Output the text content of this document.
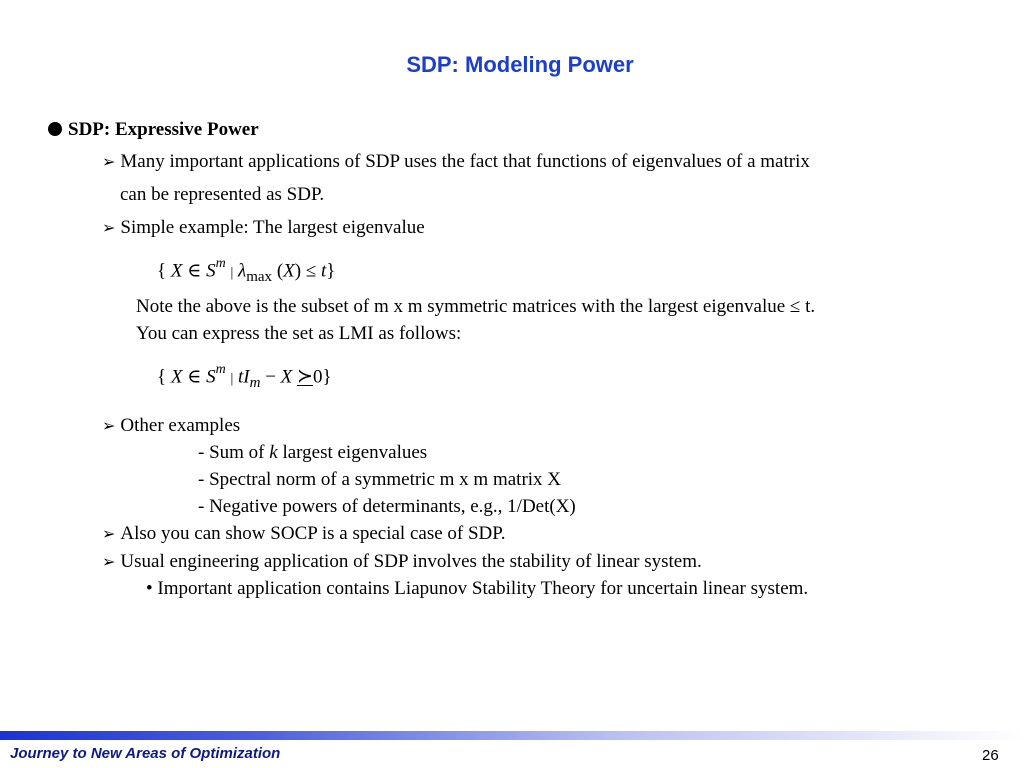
SDP: Modeling Power
SDP: Expressive Power
➢ Many important applications of SDP uses the fact that functions of eigenvalues of a matrix
can be represented as SDP.
➢ Simple example: The largest eigenvalue
{ X ∈ $S^m$ | $\lambda_{max}$ (X) ≤ t}
Note the above is the subset of m x m symmetric matrices with the largest eigenvalue ≤ t.
You can express the set as LMI as follows:
{ X ∈ $S^m$ | $tI_m - X$ ≻
0}
➢ Other examples
- Sum of k largest eigenvalues
- Spectral norm of a symmetric m x m matrix X
- Negative powers of determinants, e.g., 1/Det(X)
➢ Also you can show SOCP is a special case of SDP.
➢ Usual engineering application of SDP involves the stability of linear system.
• Important application contains Liapunov Stability Theory for uncertain linear system.
Journey to New Areas of Optimization	26
